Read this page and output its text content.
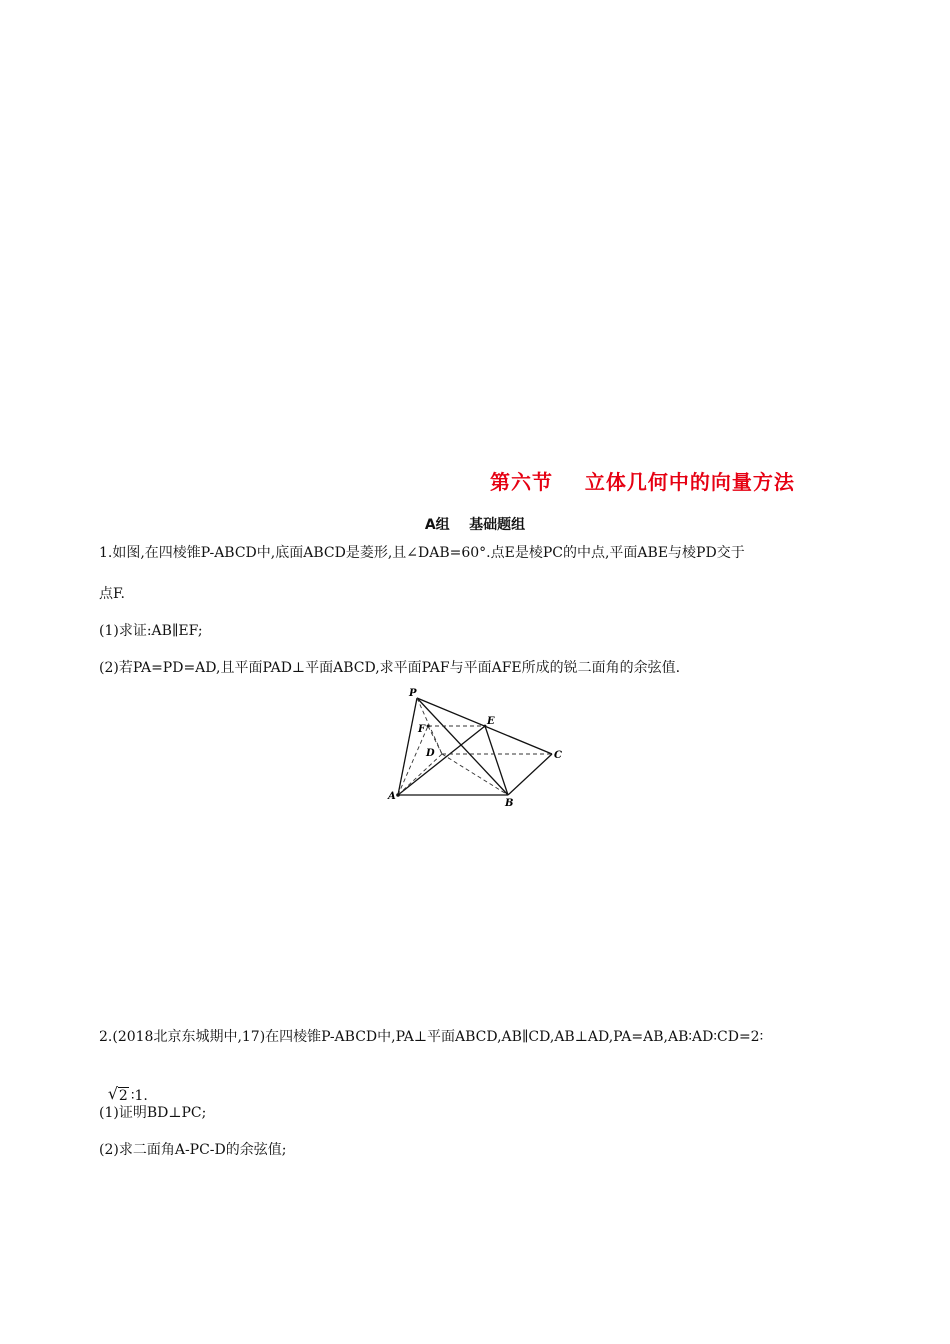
第六节    立体几何中的向量方法
A组    基础题组
1.如图,在四棱锥P-ABCD中,底面ABCD是菱形,且∠DAB=60°.点E是棱PC的中点,平面ABE与棱PD交于
点F.
(1)求证:AB∥EF;
(2)若PA=PD=AD,且平面PAD⊥平面ABCD,求平面PAF与平面AFE所成的锐二面角的余弦值.
P
E
F
D	C
A
B
2.(2018北京东城期中,17)在四棱锥P-ABCD中,PA⊥平面ABCD,AB∥CD,AB⊥AD,PA=AB,AB∶AD∶CD=2∶

√ 2 ∶1.

(1)证明BD⊥PC;
(2)求二面角A-PC-D的余弦值;
